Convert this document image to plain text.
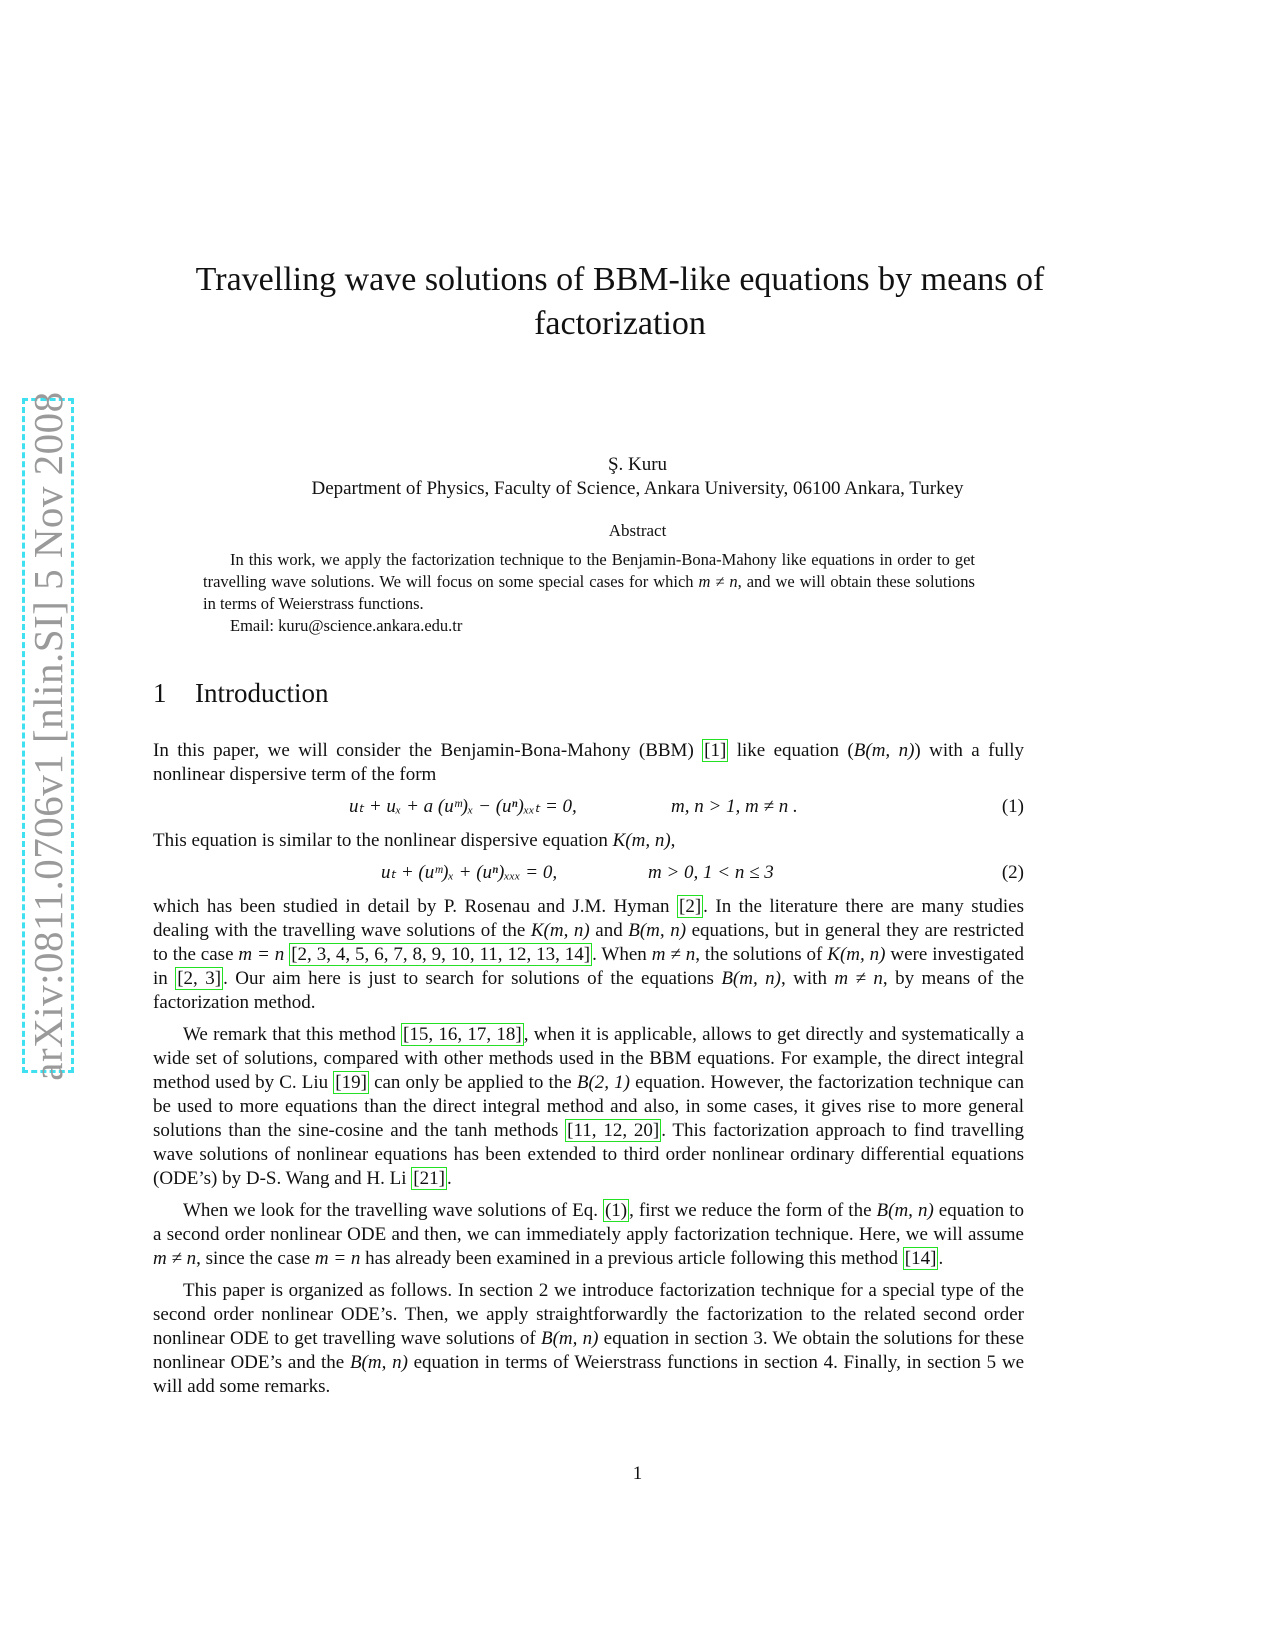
arXiv:0811.0706v1 [nlin.SI] 5 Nov 2008
Travelling wave solutions of BBM-like equations by means of factorization
Ş. Kuru
Department of Physics, Faculty of Science, Ankara University, 06100 Ankara, Turkey
Abstract

In this work, we apply the factorization technique to the Benjamin-Bona-Mahony like equations in order to get travelling wave solutions. We will focus on some special cases for which m ≠ n, and we will obtain these solutions in terms of Weierstrass functions.

Email: kuru@science.ankara.edu.tr

1 Introduction

In this paper, we will consider the Benjamin-Bona-Mahony (BBM) [1] like equation (B(m, n)) with a fully nonlinear dispersive term of the form

uₜ + uₓ + a (uᵐ)ₓ − (uⁿ)ₓₓₜ = 0,	m, n > 1, m ≠ n .	(1)

This equation is similar to the nonlinear dispersive equation K(m, n),

uₜ + (uᵐ)ₓ + (uⁿ)ₓₓₓ = 0,	m > 0, 1 < n ≤ 3	(2)

which has been studied in detail by P. Rosenau and J.M. Hyman [2] . In the literature there are many studies dealing with the travelling wave solutions of the K(m, n) and B(m, n) equations, but in general they are restricted to the case m = n [2, 3, 4, 5, 6, 7, 8, 9, 10, 11, 12, 13, 14] . When m ≠ n, the solutions of K(m, n) were investigated in [2, 3] . Our aim here is just to search for solutions of the equations B(m, n), with m ≠ n, by means of the factorization method.

We remark that this method [15, 16, 17, 18] , when it is applicable, allows to get directly and systematically a wide set of solutions, compared with other methods used in the BBM equations. For example, the direct integral method used by C. Liu [19] can only be applied to the B(2, 1) equation. However, the factorization technique can be used to more equations than the direct integral method and also, in some cases, it gives rise to more general solutions than the sine-cosine and the tanh methods [11, 12, 20] . This factorization approach to find travelling wave solutions of nonlinear equations has been extended to third order nonlinear ordinary differential equations (ODE’s) by D-S. Wang and H. Li [21] .

When we look for the travelling wave solutions of Eq. (1) , first we reduce the form of the B(m, n) equation to a second order nonlinear ODE and then, we can immediately apply factorization technique. Here, we will assume m ≠ n, since the case m = n has already been examined in a previous article following this method [14] .

This paper is organized as follows. In section 2 we introduce factorization technique for a special type of the second order nonlinear ODE’s. Then, we apply straightforwardly the factorization to the related second order nonlinear ODE to get travelling wave solutions of B(m, n) equation in section 3. We obtain the solutions for these nonlinear ODE’s and the B(m, n) equation in terms of Weierstrass functions in section 4. Finally, in section 5 we will add some remarks.

1
